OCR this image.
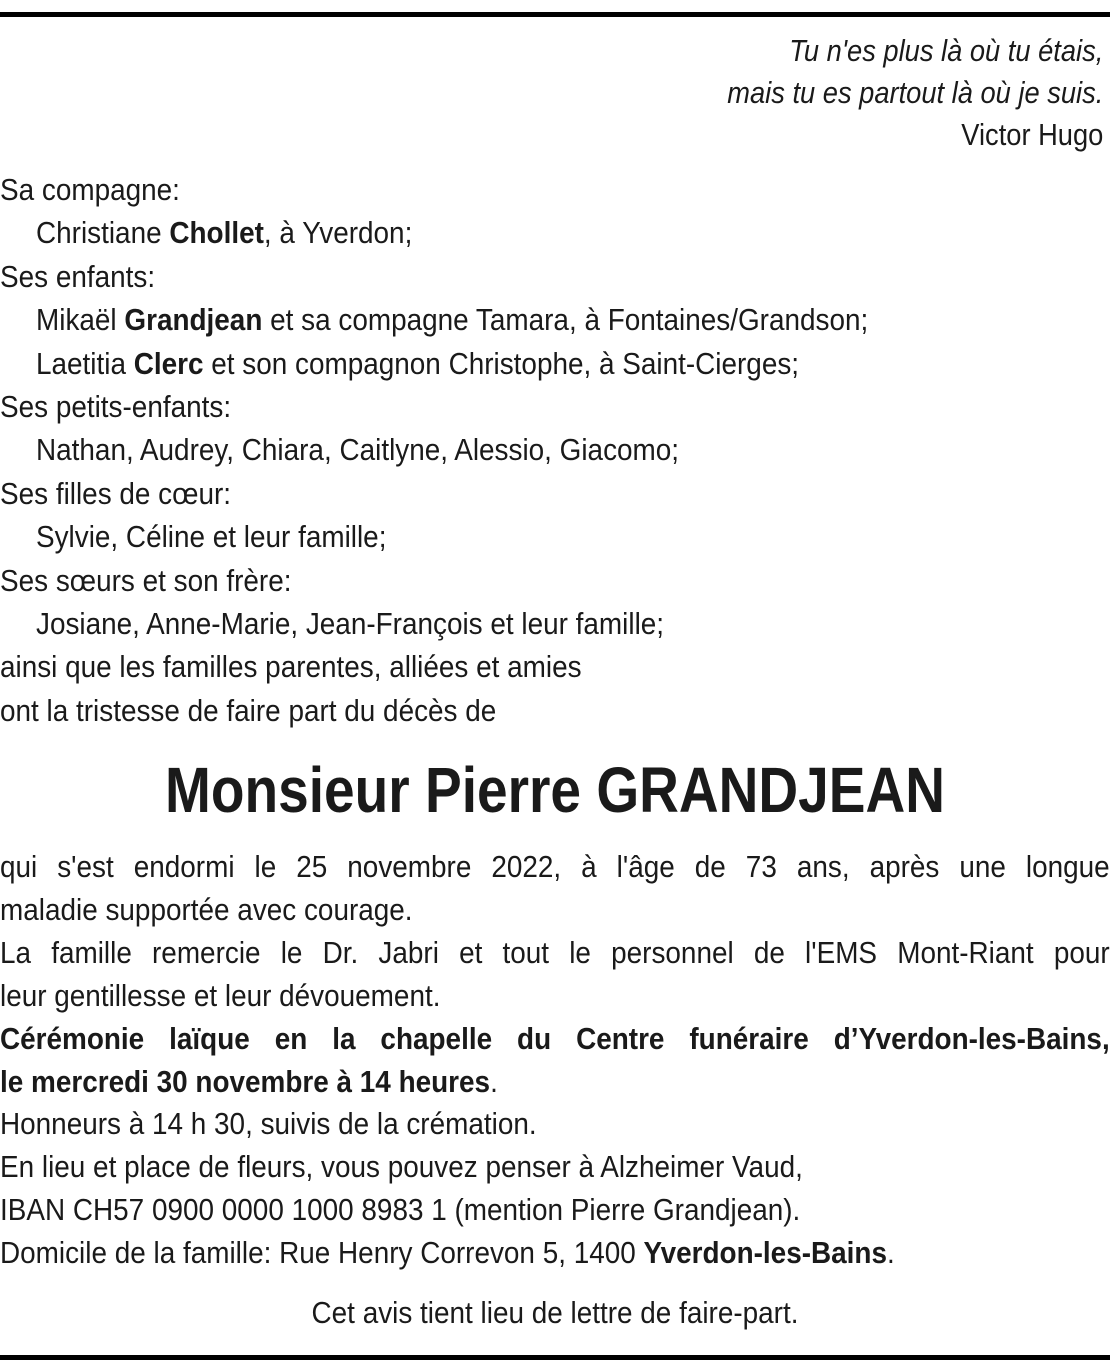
Tu n'es plus là où tu étais,
mais tu es partout là où je suis.
Victor Hugo
Sa compagne:
Christiane Chollet, à Yverdon;
Ses enfants:
Mikaël Grandjean et sa compagne Tamara, à Fontaines/Grandson;
Laetitia Clerc et son compagnon Christophe, à Saint-Cierges;
Ses petits-enfants:
Nathan, Audrey, Chiara, Caitlyne, Alessio, Giacomo;
Ses filles de cœur:
Sylvie, Céline et leur famille;
Ses sœurs et son frère:
Josiane, Anne-Marie, Jean-François et leur famille;
ainsi que les familles parentes, alliées et amies
ont la tristesse de faire part du décès de
Monsieur Pierre GRANDJEAN
qui s'est endormi le 25 novembre 2022, à l'âge de 73 ans, après une longue
maladie supportée avec courage.
La famille remercie le Dr. Jabri et tout le personnel de l'EMS Mont-Riant pour
leur gentillesse et leur dévouement.
Cérémonie laïque en la chapelle du Centre funéraire d’Yverdon-les-Bains,
le mercredi 30 novembre à 14 heures.
Honneurs à 14 h 30, suivis de la crémation.
En lieu et place de fleurs, vous pouvez penser à Alzheimer Vaud,
IBAN CH57 0900 0000 1000 8983 1 (mention Pierre Grandjean).
Domicile de la famille: Rue Henry Correvon 5, 1400 Yverdon-les-Bains.
Cet avis tient lieu de lettre de faire-part.
